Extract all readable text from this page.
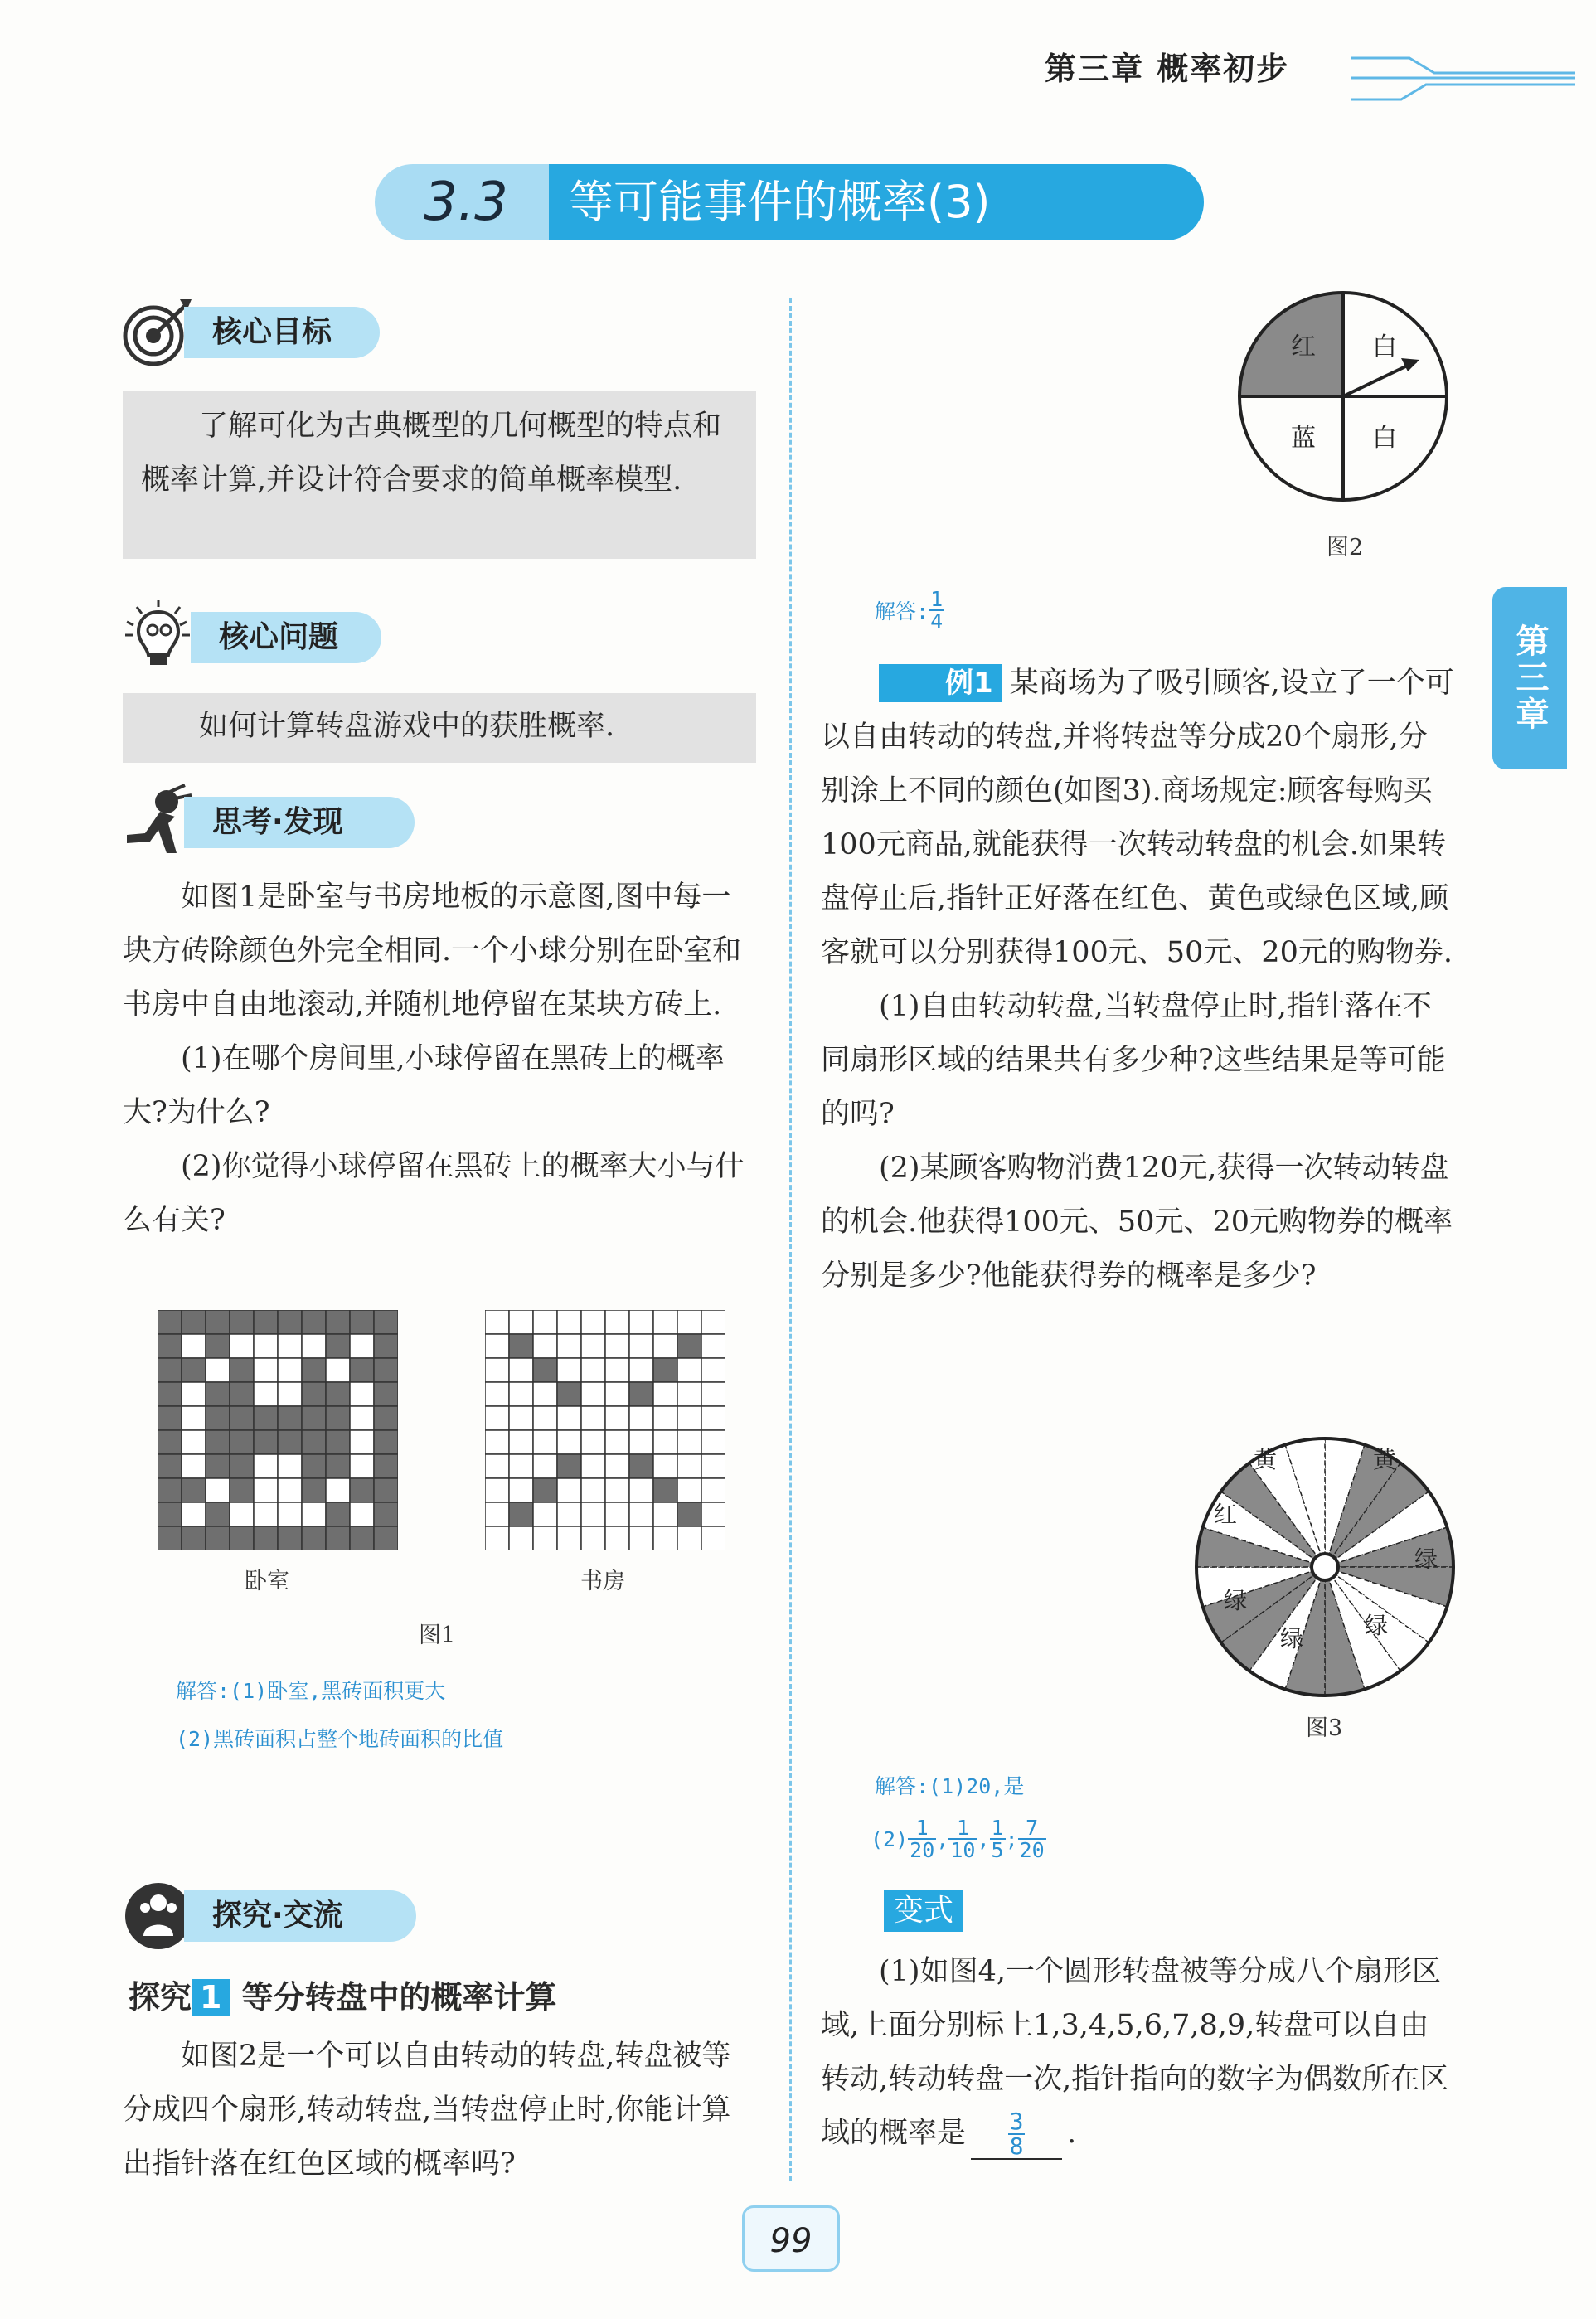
第三章 概率初步
3.3	等可能事件的概率(3)
核心目标
了解可化为古典概型的几何概型的特点和概率计算,并设计符合要求的简单概率模型.
核心问题
如何计算转盘游戏中的获胜概率.
思考·发现
如图1是卧室与书房地板的示意图,图中每一块方砖除颜色外完全相同.一个小球分别在卧室和书房中自由地滚动,并随机地停留在某块方砖上.
(1)在哪个房间里,小球停留在黑砖上的概率大?为什么?
(2)你觉得小球停留在黑砖上的概率大小与什么有关?
卧室	书房
图1
解答:(1)卧室,黑砖面积更大
(2)黑砖面积占整个地砖面积的比值
探究·交流
探究 1 等分转盘中的概率计算
如图2是一个可以自由转动的转盘,转盘被等分成四个扇形,转动转盘,当转盘停止时,你能计算出指针落在红色区域的概率吗?
红 白
蓝 白
图2
解答: $\frac{1}{4}$
例1 某商场为了吸引顾客,设立了一个可以自由转动的转盘,并将转盘等分成20个扇形,分别涂上不同的颜色(如图3).商场规定:顾客每购买100元商品,就能获得一次转动转盘的机会.如果转盘停止后,指针正好落在红色、黄色或绿色区域,顾客就可以分别获得100元、50元、20元的购物券.
(1)自由转动转盘,当转盘停止时,指针落在不同扇形区域的结果共有多少种?这些结果是等可能的吗?
(2)某顾客购物消费120元,获得一次转动转盘的机会.他获得100元、50元、20元购物券的概率分别是多少?他能获得券的概率是多少?
黄	黄
红
绿
绿
绿	绿
图3
解答:(1)20,是
$(2) \frac{1}{20}$ , $\frac{1}{10}$ , $\frac{1}{5}$ ; $\frac{7}{20}$
变式
(1)如图4,一个圆形转盘被等分成八个扇形区域,上面分别标上1,3,4,5,6,7,8,9,转盘可以自由转动,转动转盘一次,指针指向的数字为偶数所在区域的概率是 $\frac{3}{8}$ .
第三章
99
